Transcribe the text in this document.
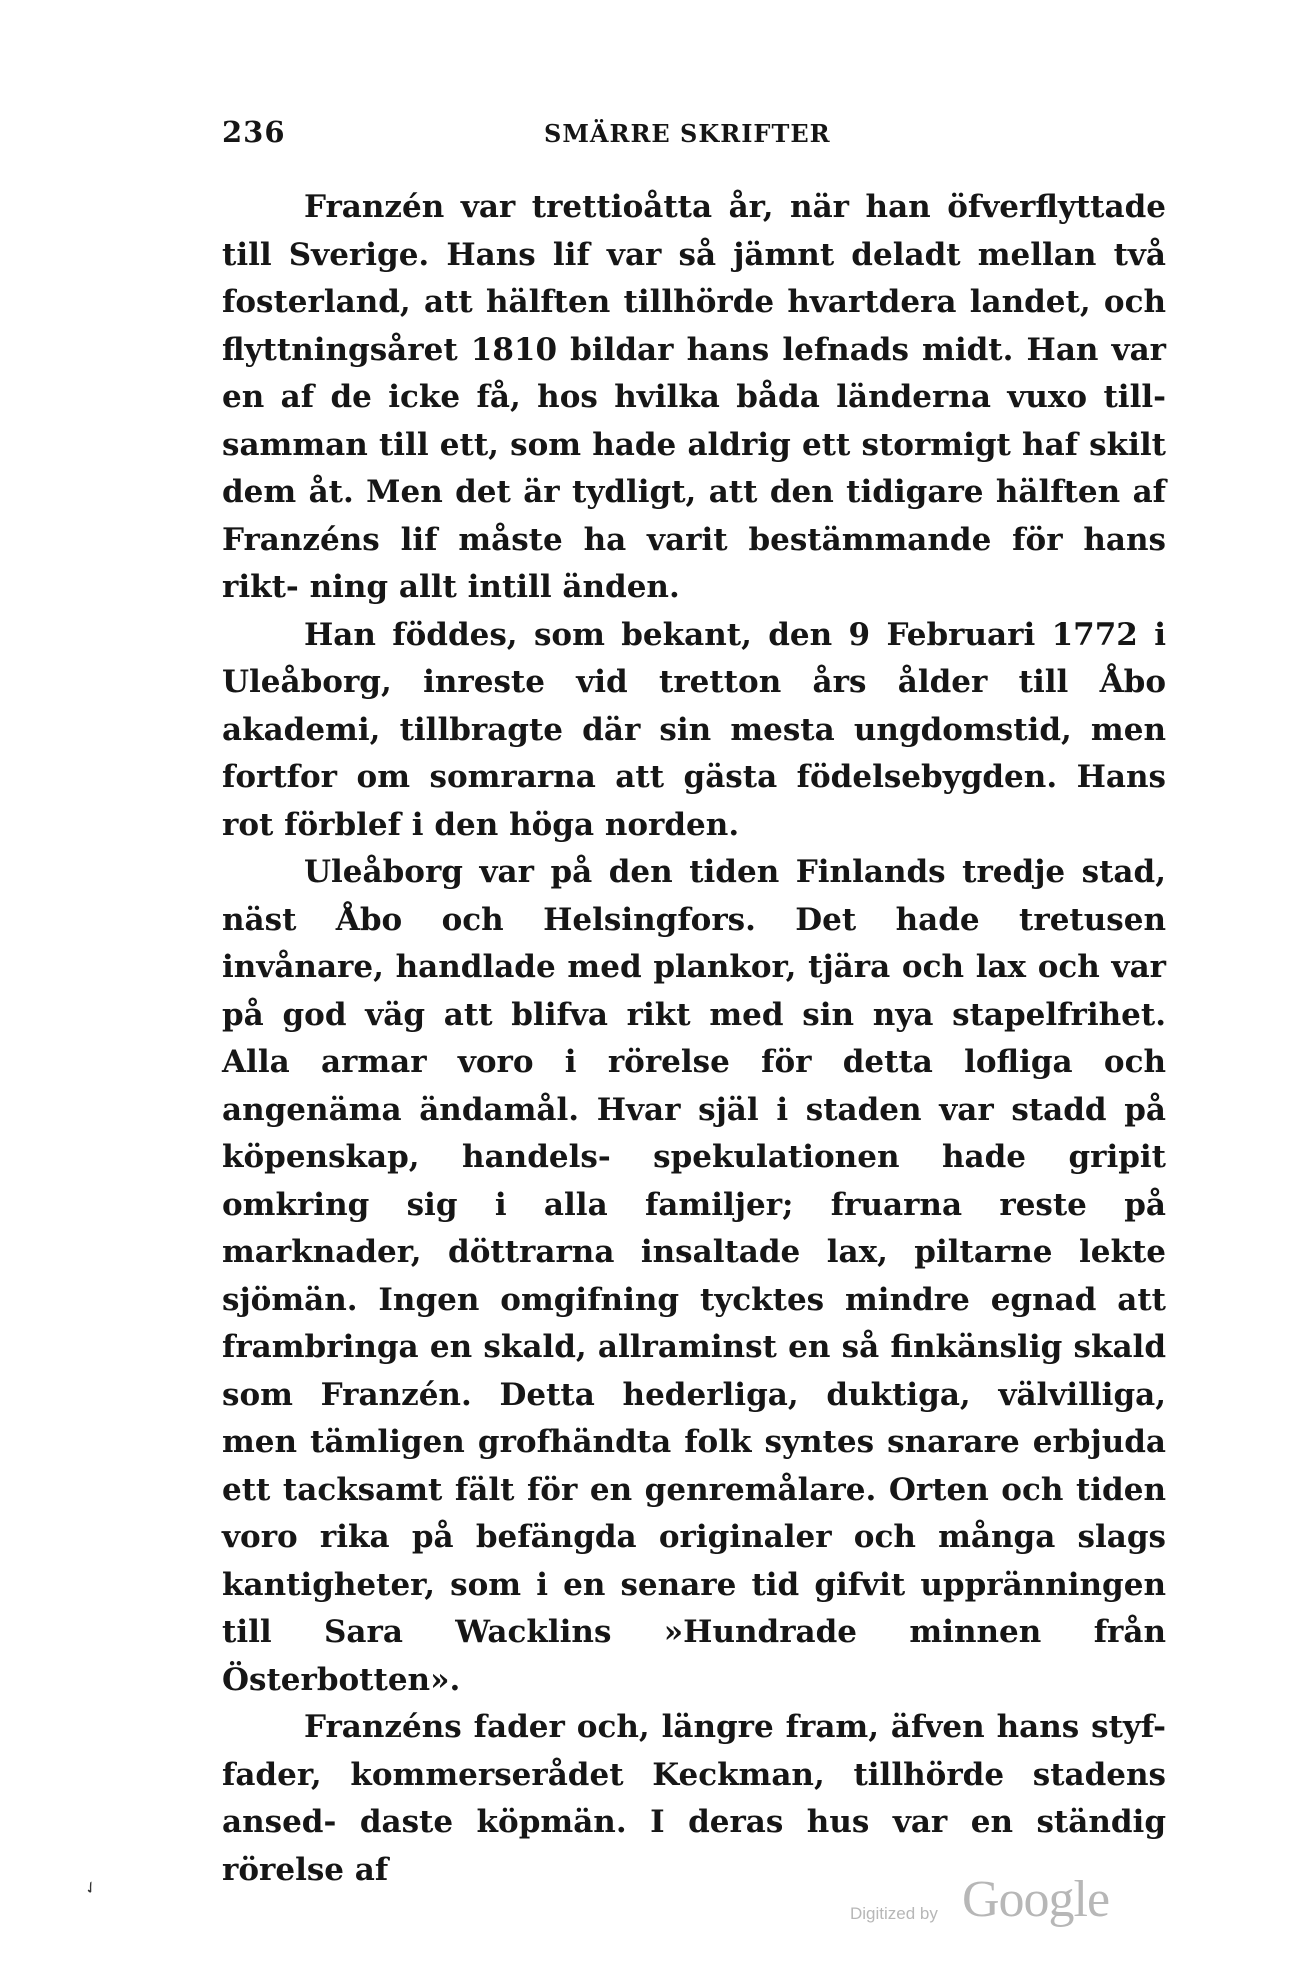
236	SMÄRRE SKRIFTER

Franzén var trettioåtta år, när han öfverflyttade till Sverige. Hans lif var så jämnt deladt mellan två fosterland, att hälften tillhörde hvartdera landet, och flyttningsåret 1810 bildar hans lefnads midt. Han var en af de icke få, hos hvilka båda länderna vuxo till- samman till ett, som hade aldrig ett stormigt haf skilt dem åt. Men det är tydligt, att den tidigare hälften af Franzéns lif måste ha varit bestämmande för hans rikt- ning allt intill änden.

Han föddes, som bekant, den 9 Februari 1772 i Uleåborg, inreste vid tretton års ålder till Åbo akademi, tillbragte där sin mesta ungdomstid, men fortfor om somrarna att gästa födelsebygden. Hans rot förblef i den höga norden.

Uleåborg var på den tiden Finlands tredje stad, näst Åbo och Helsingfors. Det hade tretusen invånare, handlade med plankor, tjära och lax och var på god väg att blifva rikt med sin nya stapelfrihet. Alla armar voro i rörelse för detta lofliga och angenäma ändamål. Hvar själ i staden var stadd på köpenskap, handels- spekulationen hade gripit omkring sig i alla familjer; fruarna reste på marknader, döttrarna insaltade lax, piltarne lekte sjömän. Ingen omgifning tycktes mindre egnad att frambringa en skald, allraminst en så finkänslig skald som Franzén. Detta hederliga, duktiga, välvilliga, men tämligen grofhändta folk syntes snarare erbjuda ett tacksamt fält för en genremålare. Orten och tiden voro rika på befängda originaler och många slags kantigheter, som i en senare tid gifvit uppränningen till Sara Wacklins »Hundrade minnen från Österbotten».

Franzéns fader och, längre fram, äfven hans styf- fader, kommerserådet Keckman, tillhörde stadens ansed- daste köpmän. I deras hus var en ständig rörelse af

✓
Digitized by Google
